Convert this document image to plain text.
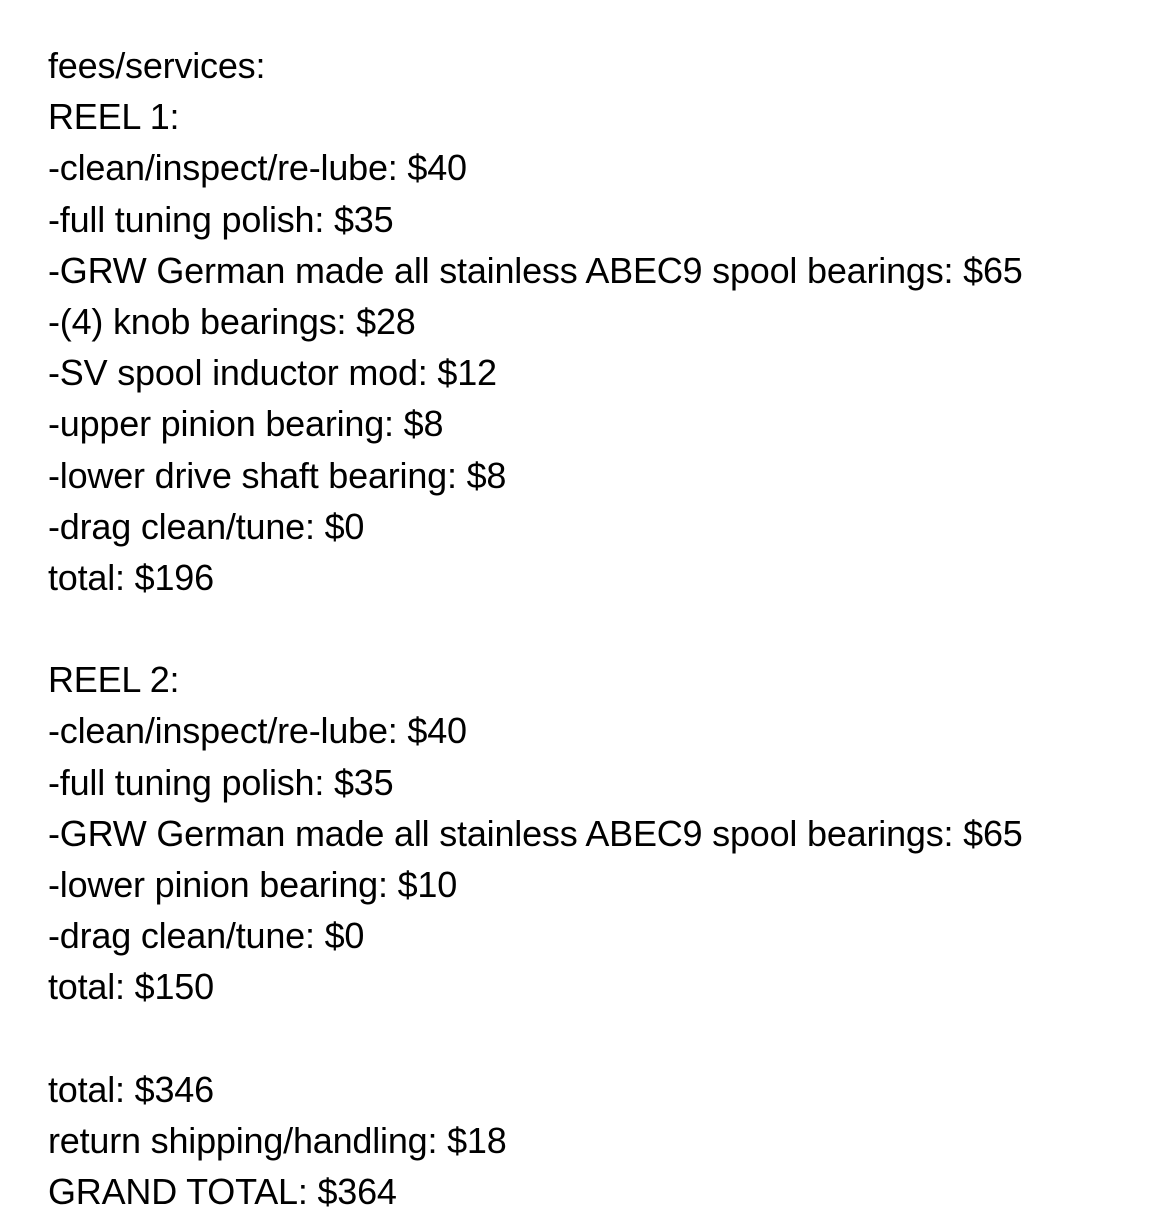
fees/services:
REEL 1:
-clean/inspect/re-lube: $40
-full tuning polish: $35
-GRW German made all stainless ABEC9 spool bearings: $65
-(4) knob bearings: $28
-SV spool inductor mod: $12
-upper pinion bearing: $8
-lower drive shaft bearing: $8
-drag clean/tune: $0
total: $196
REEL 2:
-clean/inspect/re-lube: $40
-full tuning polish: $35
-GRW German made all stainless ABEC9 spool bearings: $65
-lower pinion bearing: $10
-drag clean/tune: $0
total: $150
total: $346
return shipping/handling: $18
GRAND TOTAL: $364
